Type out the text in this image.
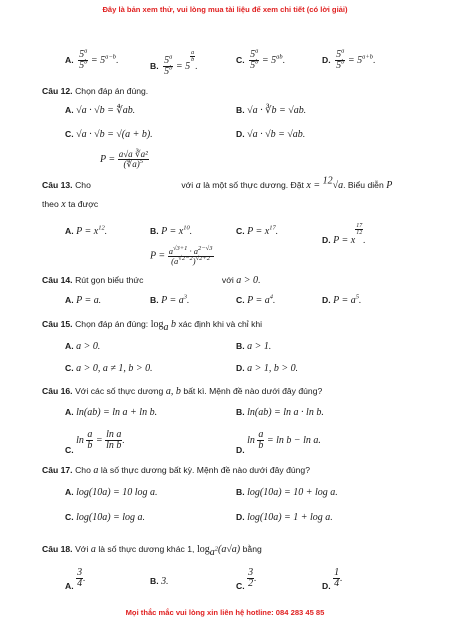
Đây là bản xem thử, vui lòng mua tài liệu để xem chi tiết (có lời giải)
A. $\frac{5^a}{5^b} = 5^{a-b}$.
B. $\frac{5^a}{5^b} = 5$
$\frac{a}{b}$
.
C. $\frac{5^a}{5^b} = 5^{ab}$.	D. $\frac{5^a}{5^b} = 5^{a+b}$.
Câu 12. Chọn đáp án đúng.
A. √a · √b = ∜ab.	B. √a · ∛b = √ab.
C. √a · √b = √(a + b).	D. √a · √b = √ab.
$P = \frac{\text{a√a ∛a²}}{(∜a)^5}$
Câu 13. Cho	với a là một số thực dương. Đặt x = $^{12}$√a. Biểu diễn P
theo x ta được
A. $P = x^{12}$.	B. $P = x^{10}$.	C. $P = x^{17}$.
D. P = x
$\frac{17}{12}$
.
$P = \frac{a^{√3+1} \cdot a^{2-√3}}{(a^{√2-2})^{√2+2}}$
Câu 14. Rút gọn biểu thức	với a > 0.
A. P = a.	B. $P = a^3$.	C. $P = a^4$.	D. $P = a^5$.
Câu 15. Chọn đáp án đúng: $\log_a b$ xác định khi và chỉ khi
A. a > 0.	B. a > 1.
C. a > 0, a ≠ 1, b > 0.	D. a > 1, b > 0.
Câu 16. Với các số thực dương a, b bất kì. Mệnh đề nào dưới đây đúng?
A. ln(ab) = ln a + ln b.	B. ln(ab) = ln a · ln b.
C. $\ln \frac{a}{b} = \frac{\text{ln a}}{\text{ln b}}$ .
D. $\ln \frac{a}{b} = \ln b - \ln a$.
Câu 17. Cho a là số thực dương bất kỳ. Mệnh đề nào dưới đây đúng?
A. log(10a) = 10 log a.	B. log(10a) = 10 + log a.
C. log(10a) = log a.	D. log(10a) = 1 + log a.
Câu 18. Với a là số thực dương khác 1, $\log_{a^2}(a√a)$ bằng
A. $\frac{3}{4}$ .	B. 3.	C. $\frac{3}{2}$ .
D. $\frac{1}{4}$ .
Mọi thắc mắc vui lòng xin liên hệ hotline: 084 283 45 85
